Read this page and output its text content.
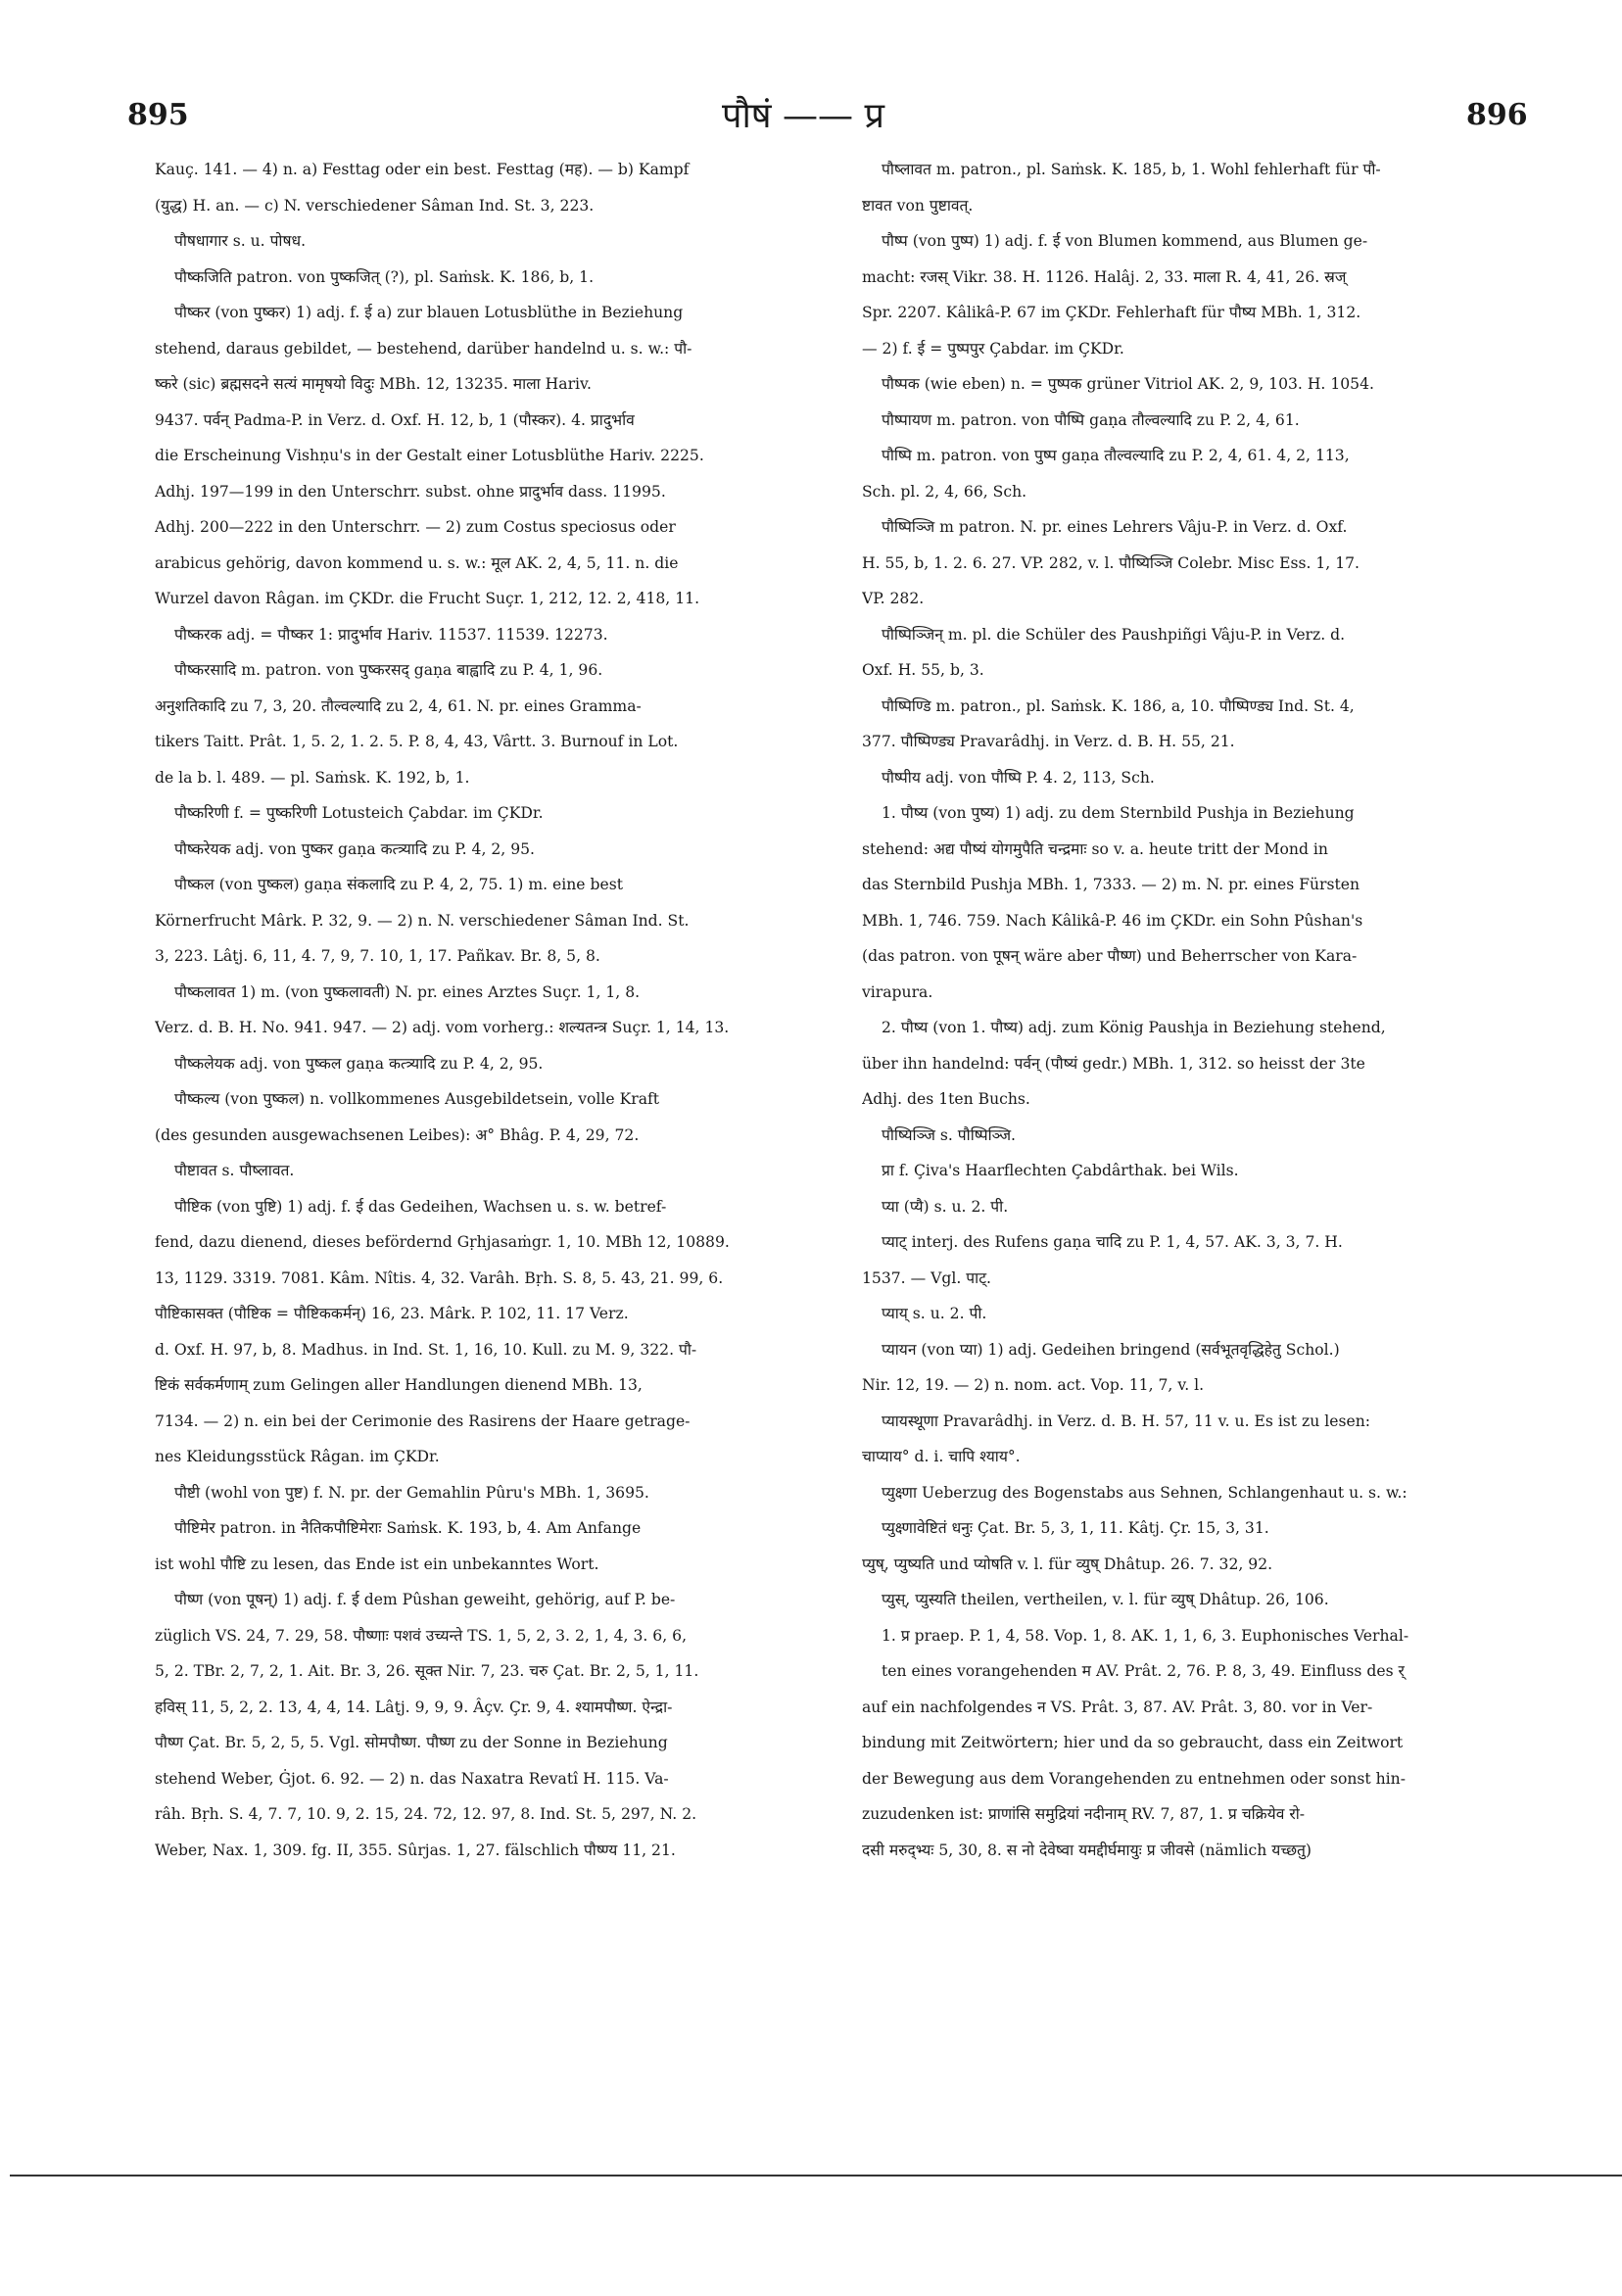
895	पौषं —— प्र	896
Kauç. 141. — 4) n. a) Festtag oder ein best. Festtag (मह). — b) Kampf
(युद्ध) H. an. — c) N. verschiedener Sâman Ind. St. 3, 223.
पौषधागार s. u. पोषध.
पौष्कजिति patron. von पुष्कजित् (?), pl. Saṁsk. K. 186, b, 1.
पौष्कर (von पुष्कर) 1) adj. f. ई a) zur blauen Lotusblüthe in Beziehung
stehend, daraus gebildet, — bestehend, darüber handelnd u. s. w.: पौ-
ष्करे (sic) ब्रह्मसदने सत्यं मामृषयो विदुः MBh. 12, 13235. माला Hariv.
9437. पर्वन् Padma-P. in Verz. d. Oxf. H. 12, b, 1 (पौस्कर). 4. प्रादुर्भाव
die Erscheinung Vishṇu's in der Gestalt einer Lotusblüthe Hariv. 2225.
Adhj. 197—199 in den Unterschrr. subst. ohne प्रादुर्भाव dass. 11995.
Adhj. 200—222 in den Unterschrr. — 2) zum Costus speciosus oder
arabicus gehörig, davon kommend u. s. w.: मूल AK. 2, 4, 5, 11. n. die
Wurzel davon Râgan. im ÇKDr. die Frucht Suçr. 1, 212, 12. 2, 418, 11.
पौष्करक adj. = पौष्कर 1: प्रादुर्भाव Hariv. 11537. 11539. 12273.
पौष्करसादि m. patron. von पुष्करसद् gaṇa बाह्वादि zu P. 4, 1, 96.
अनुशतिकादि zu 7, 3, 20. तौल्वल्यादि zu 2, 4, 61. N. pr. eines Gramma-
tikers Taitt. Prât. 1, 5. 2, 1. 2. 5. P. 8, 4, 43, Vârtt. 3. Burnouf in Lot.
de la b. l. 489. — pl. Saṁsk. K. 192, b, 1.
पौष्करिणी f. = पुष्करिणी Lotusteich Çabdar. im ÇKDr.
पौष्करेयक adj. von पुष्कर gaṇa कत्त्र्यादि zu P. 4, 2, 95.
पौष्कल (von पुष्कल) gaṇa संकलादि zu P. 4, 2, 75. 1) m. eine best
Körnerfrucht Mârk. P. 32, 9. — 2) n. N. verschiedener Sâman Ind. St.
3, 223. Lâṭj. 6, 11, 4. 7, 9, 7. 10, 1, 17. Pañkav. Br. 8, 5, 8.
पौष्कलावत 1) m. (von पुष्कलावती) N. pr. eines Arztes Suçr. 1, 1, 8.
Verz. d. B. H. No. 941. 947. — 2) adj. vom vorherg.: शल्यतन्त्र Suçr. 1, 14, 13.
पौष्कलेयक adj. von पुष्कल gaṇa कत्त्र्यादि zu P. 4, 2, 95.
पौष्कल्य (von पुष्कल) n. vollkommenes Ausgebildetsein, volle Kraft
(des gesunden ausgewachsenen Leibes): अ° Bhâg. P. 4, 29, 72.
पौष्टावत s. पौष्लावत.
पौष्टिक (von पुष्टि) 1) adj. f. ई das Gedeihen, Wachsen u. s. w. betref-
fend, dazu dienend, dieses befördernd Gṛhjasaṁgr. 1, 10. MBh 12, 10889.
13, 1129. 3319. 7081. Kâm. Nîtis. 4, 32. Varâh. Bṛh. S. 8, 5. 43, 21. 99, 6.
पौष्टिकासक्त (पौष्टिक = पौष्टिककर्मन्) 16, 23. Mârk. P. 102, 11. 17 Verz.
d. Oxf. H. 97, b, 8. Madhus. in Ind. St. 1, 16, 10. Kull. zu M. 9, 322. पौ-
ष्टिकं सर्वकर्मणाम् zum Gelingen aller Handlungen dienend MBh. 13,
7134. — 2) n. ein bei der Cerimonie des Rasirens der Haare getrage-
nes Kleidungsstück Râgan. im ÇKDr.
पौष्टी (wohl von पुष्ट) f. N. pr. der Gemahlin Pûru's MBh. 1, 3695.
पौष्टिमेर patron. in नैतिकपौष्टिमेराः Saṁsk. K. 193, b, 4. Am Anfange
ist wohl पौष्टि zu lesen, das Ende ist ein unbekanntes Wort.
पौष्ण (von पूषन्) 1) adj. f. ई dem Pûshan geweiht, gehörig, auf P. be-
züglich VS. 24, 7. 29, 58. पौष्णाः पशवं उच्यन्ते TS. 1, 5, 2, 3. 2, 1, 4, 3. 6, 6,
5, 2. TBr. 2, 7, 2, 1. Ait. Br. 3, 26. सूक्त Nir. 7, 23. चरु Çat. Br. 2, 5, 1, 11.
हविस् 11, 5, 2, 2. 13, 4, 4, 14. Lâṭj. 9, 9, 9. Âçv. Çr. 9, 4. श्यामपौष्ण. ऐन्द्रा-
पौष्ण Çat. Br. 5, 2, 5, 5. Vgl. सोमपौष्ण. पौष्ण zu der Sonne in Beziehung
stehend Weber, Ġjot. 6. 92. — 2) n. das Naxatra Revatî H. 115. Va-
râh. Bṛh. S. 4, 7. 7, 10. 9, 2. 15, 24. 72, 12. 97, 8. Ind. St. 5, 297, N. 2.
Weber, Nax. 1, 309. fg. II, 355. Sûrjas. 1, 27. fälschlich पौष्ण्य 11, 21.
पौष्लावत m. patron., pl. Saṁsk. K. 185, b, 1. Wohl fehlerhaft für पौ-
ष्टावत von पुष्टावत्.
पौष्प (von पुष्प) 1) adj. f. ई von Blumen kommend, aus Blumen ge-
macht: रजस् Vikr. 38. H. 1126. Halâj. 2, 33. माला R. 4, 41, 26. स्रज्
Spr. 2207. Kâlikâ-P. 67 im ÇKDr. Fehlerhaft für पौष्य MBh. 1, 312.
— 2) f. ई = पुष्पपुर Çabdar. im ÇKDr.
पौष्पक (wie eben) n. = पुष्पक grüner Vitriol AK. 2, 9, 103. H. 1054.
पौष्पायण m. patron. von पौष्पि gaṇa तौल्वल्यादि zu P. 2, 4, 61.
पौष्पि m. patron. von पुष्प gaṇa तौल्वल्यादि zu P. 2, 4, 61. 4, 2, 113,
Sch. pl. 2, 4, 66, Sch.
पौष्पिञ्जि m patron. N. pr. eines Lehrers Vâju-P. in Verz. d. Oxf.
H. 55, b, 1. 2. 6. 27. VP. 282, v. l. पौष्यिञ्जि Colebr. Misc Ess. 1, 17.
VP. 282.
पौष्पिञ्जिन् m. pl. die Schüler des Paushpiñgi Vâju-P. in Verz. d.
Oxf. H. 55, b, 3.
पौष्पिण्डि m. patron., pl. Saṁsk. K. 186, a, 10. पौष्पिण्ड्य Ind. St. 4,
377. पौष्पिण्ड्य Pravarâdhj. in Verz. d. B. H. 55, 21.
पौष्पीय adj. von पौष्पि P. 4. 2, 113, Sch.
1. पौष्य (von पुष्य) 1) adj. zu dem Sternbild Pushja in Beziehung
stehend: अद्य पौष्यं योगमुपैति चन्द्रमाः so v. a. heute tritt der Mond in
das Sternbild Pushja MBh. 1, 7333. — 2) m. N. pr. eines Fürsten
MBh. 1, 746. 759. Nach Kâlikâ-P. 46 im ÇKDr. ein Sohn Pûshan's
(das patron. von पूषन् wäre aber पौष्ण) und Beherrscher von Kara-
virapura.
2. पौष्य (von 1. पौष्य) adj. zum König Paushja in Beziehung stehend,
über ihn handelnd: पर्वन् (पौष्यं gedr.) MBh. 1, 312. so heisst der 3te
Adhj. des 1ten Buchs.
पौष्यिञ्जि s. पौष्पिञ्जि.
प्रा f. Çiva's Haarflechten Çabdârthak. bei Wils.
प्या (प्यै) s. u. 2. पी.
प्याट् interj. des Rufens gaṇa चादि zu P. 1, 4, 57. AK. 3, 3, 7. H.
1537. — Vgl. पाट्.
प्याय् s. u. 2. पी.
प्यायन (von प्या) 1) adj. Gedeihen bringend (सर्वभूतवृद्धिहेतु Schol.)
Nir. 12, 19. — 2) n. nom. act. Vop. 11, 7, v. l.
प्यायस्थूणा Pravarâdhj. in Verz. d. B. H. 57, 11 v. u. Es ist zu lesen:
चाप्याय° d. i. चापि श्याय°.
प्युक्ष्णा Ueberzug des Bogenstabs aus Sehnen, Schlangenhaut u. s. w.:
प्युक्ष्णावेष्टितं धनुः Çat. Br. 5, 3, 1, 11. Kâtj. Çr. 15, 3, 31.
प्युष्, प्युष्यति und प्योषति v. l. für व्युष् Dhâtup. 26. 7. 32, 92.
प्युस्, प्युस्यति theilen, vertheilen, v. l. für व्युष् Dhâtup. 26, 106.
1. प्र praep. P. 1, 4, 58. Vop. 1, 8. AK. 1, 1, 6, 3. Euphonisches Verhal-
ten eines vorangehenden म AV. Prât. 2, 76. P. 8, 3, 49. Einfluss des र्
auf ein nachfolgendes न VS. Prât. 3, 87. AV. Prât. 3, 80. vor in Ver-
bindung mit Zeitwörtern; hier und da so gebraucht, dass ein Zeitwort
der Bewegung aus dem Vorangehenden zu entnehmen oder sonst hin-
zuzudenken ist: प्राणांसि समुद्रियां नदीनाम् RV. 7, 87, 1. प्र चक्रियेव रो-
दसी मरुद्भ्यः 5, 30, 8. स नो देवेष्वा यमद्दीर्घमायुः प्र जीवसे (nämlich यच्छतु)
